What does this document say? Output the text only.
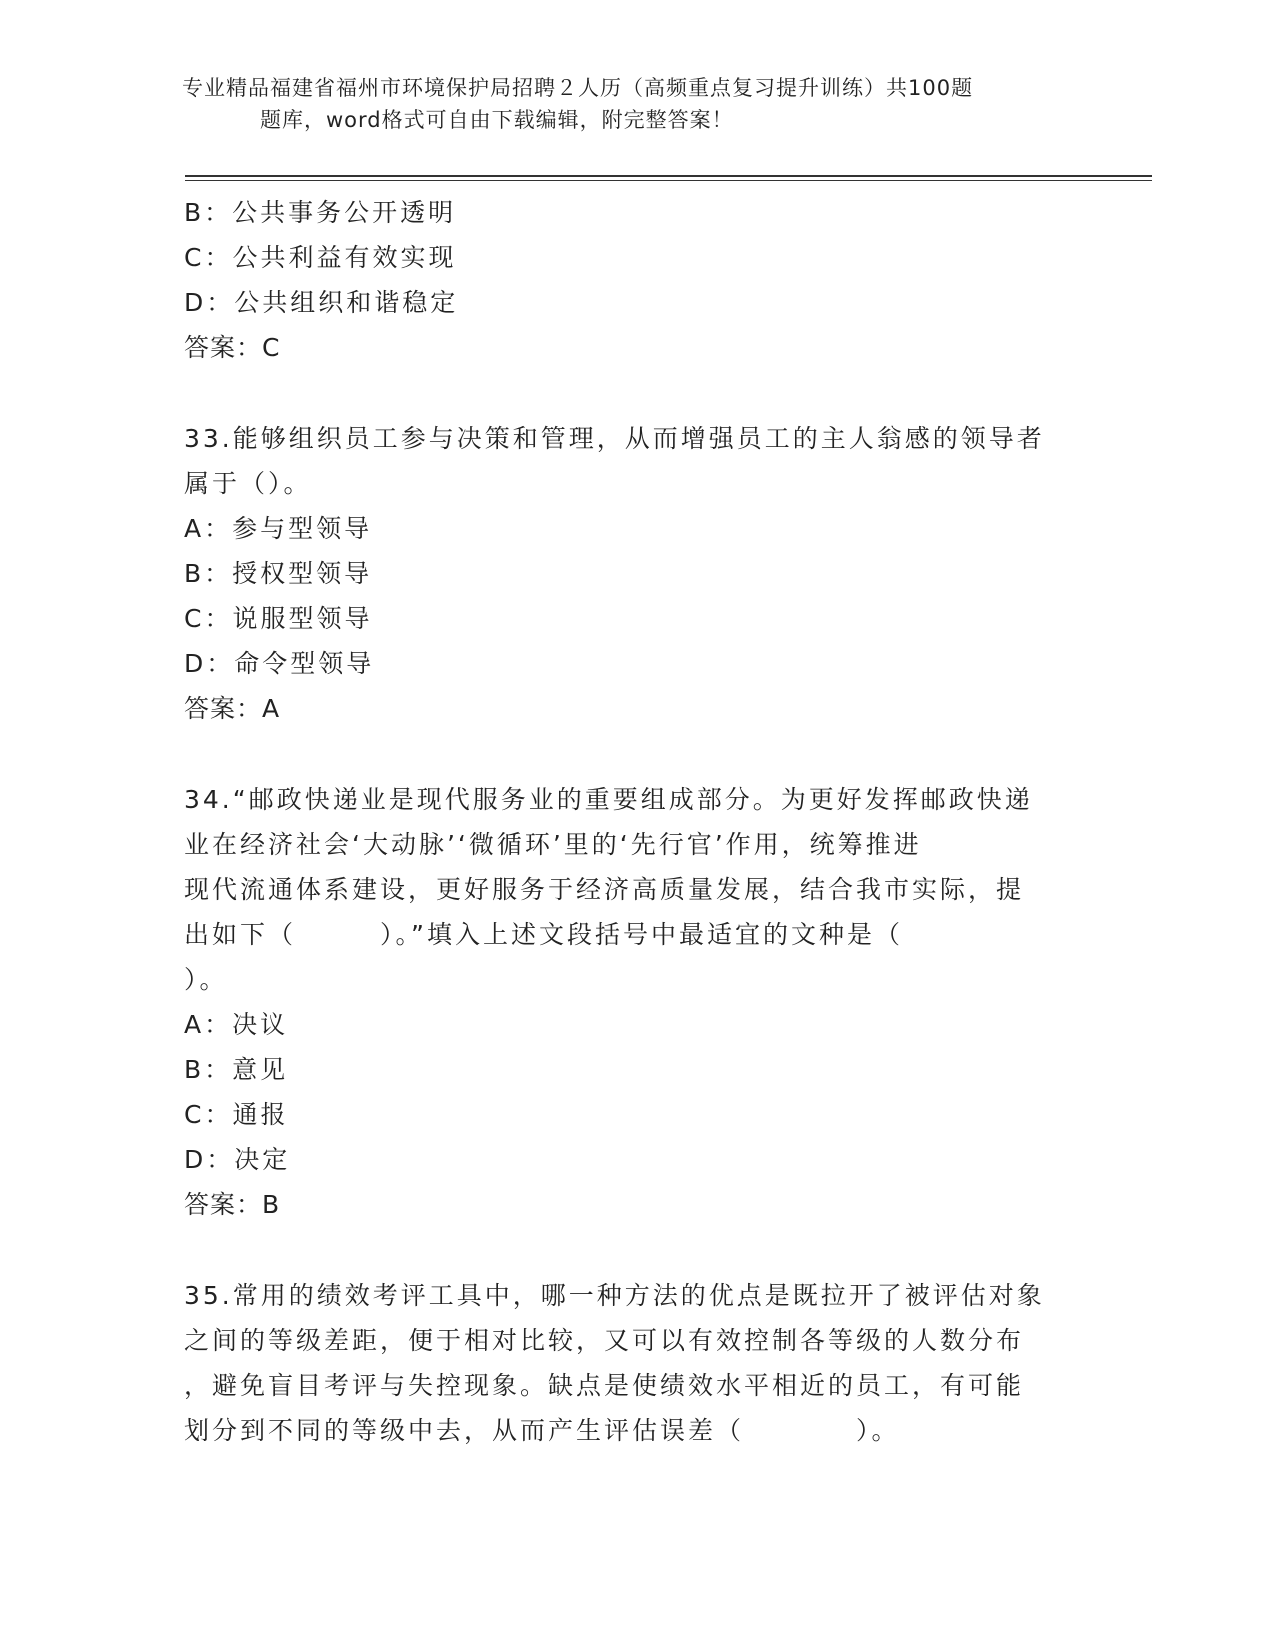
专业精品福建省福州市环境保护局招聘２人历（高频重点复习提升训练）共100题
题库，word格式可自由下载编辑，附完整答案！
B：公共事务公开透明
C：公共利益有效实现
D：公共组织和谐稳定
答案：C
33.能够组织员工参与决策和管理，从而增强员工的主人翁感的领导者
属于（）。
A：参与型领导
B：授权型领导
C：说服型领导
D：命令型领导
答案：A
34.“邮政快递业是现代服务业的重要组成部分。为更好发挥邮政快递
业在经济社会‘大动脉’‘微循环’里的‘先行官’作用，统筹推进
现代流通体系建设，更好服务于经济高质量发展，结合我市实际，提
出如下（　　　）。”填入上述文段括号中最适宜的文种是（
）。
A：决议
B：意见
C：通报
D：决定
答案：B
35.常用的绩效考评工具中，哪一种方法的优点是既拉开了被评估对象
之间的等级差距，便于相对比较，又可以有效控制各等级的人数分布
，避免盲目考评与失控现象。缺点是使绩效水平相近的员工，有可能
划分到不同的等级中去，从而产生评估误差（　　　　）。
